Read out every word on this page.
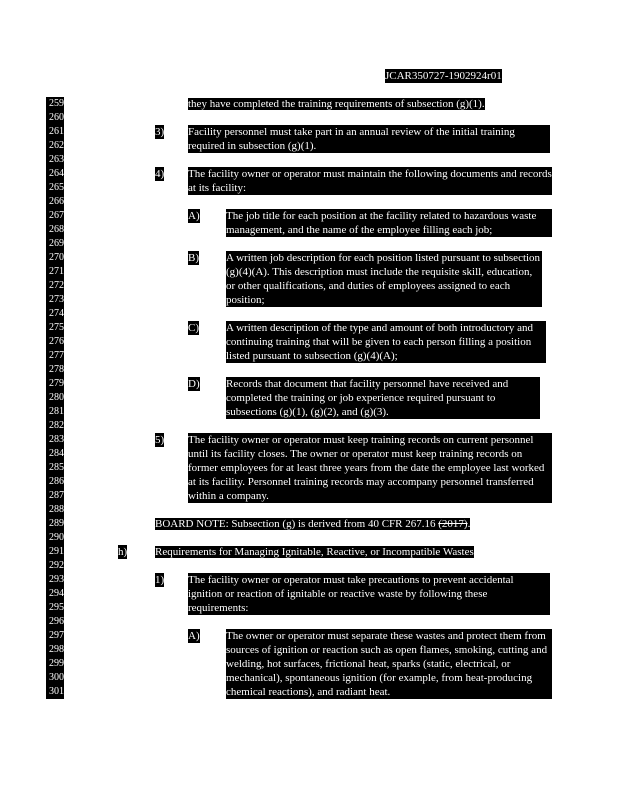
JCAR350727-1902924r01
259
260
261
262
263
264
265
266
267
268
269
270
271
272
273
274
275
276
277
278
279
280
281
282
283
284
285
286
287
288
289
290
291
292
293
294
295
296
297
298
299
300
301
they have completed the training requirements of subsection (g)(1).
3) Facility personnel must take part in an annual review of the initial training required in subsection (g)(1).
4) The facility owner or operator must maintain the following documents and records at its facility:
A) The job title for each position at the facility related to hazardous waste management, and the name of the employee filling each job;
B) A written job description for each position listed pursuant to subsection (g)(4)(A). This description must include the requisite skill, education, or other qualifications, and duties of employees assigned to each position;
C) A written description of the type and amount of both introductory and continuing training that will be given to each person filling a position listed pursuant to subsection (g)(4)(A);
D) Records that document that facility personnel have received and completed the training or job experience required pursuant to subsections (g)(1), (g)(2), and (g)(3).
5) The facility owner or operator must keep training records on current personnel until its facility closes. The owner or operator must keep training records on former employees for at least three years from the date the employee last worked at its facility. Personnel training records may accompany personnel transferred within a company.
BOARD NOTE: Subsection (g) is derived from 40 CFR 267.16 (2017).
h)	Requirements for Managing Ignitable, Reactive, or Incompatible Wastes
1) The facility owner or operator must take precautions to prevent accidental ignition or reaction of ignitable or reactive waste by following these requirements:
A) The owner or operator must separate these wastes and protect them from sources of ignition or reaction such as open flames, smoking, cutting and welding, hot surfaces, frictional heat, sparks (static, electrical, or mechanical), spontaneous ignition (for example, from heat-producing chemical reactions), and radiant heat.
